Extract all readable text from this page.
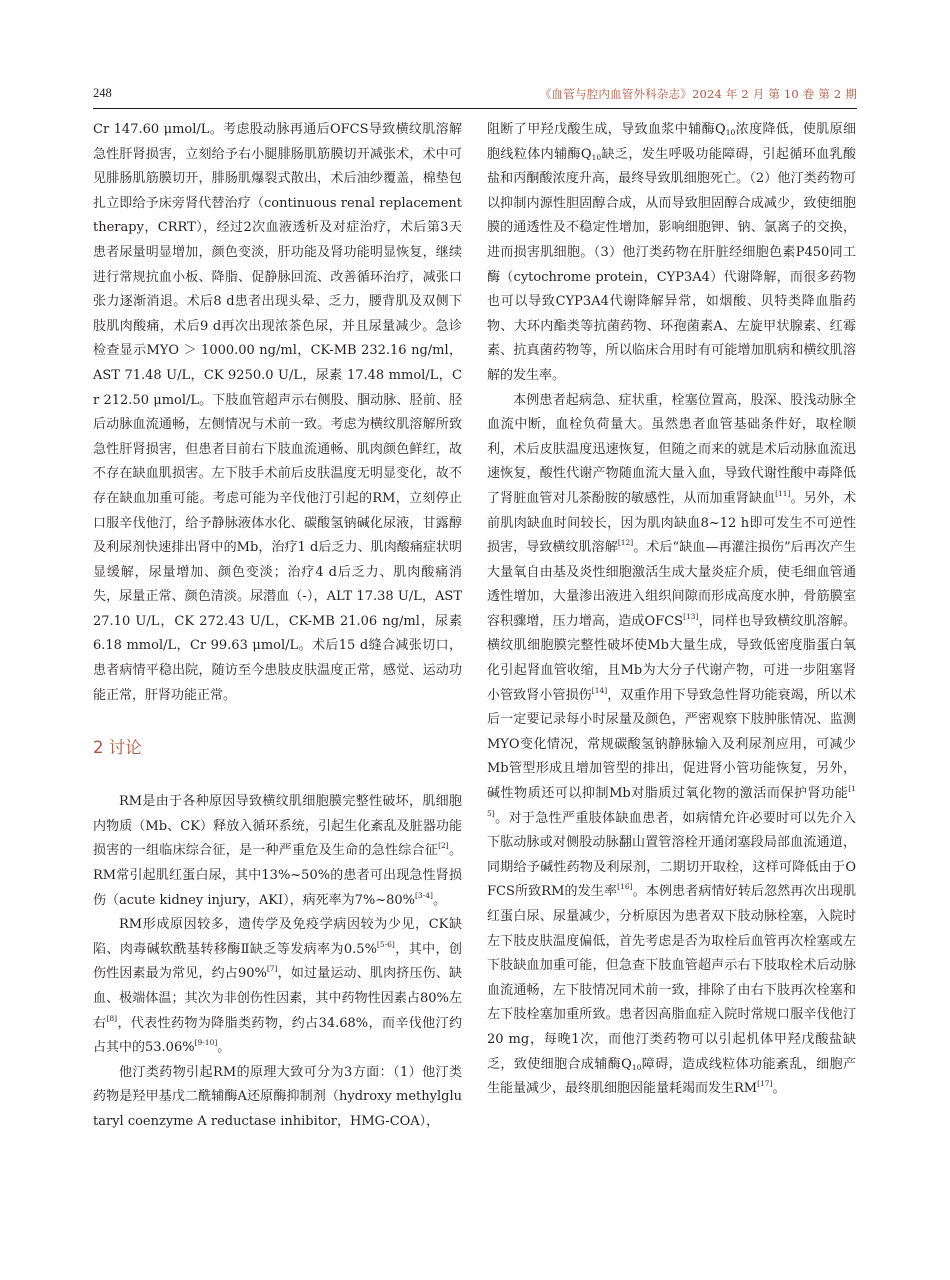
248	《血管与腔内血管外科杂志》2024 年 2 月 第 10 卷 第 2 期

Cr 147.60 μmol/L。考虑股动脉再通后OFCS导致横纹肌溶解急性肝肾损害，立刻给予右小腿腓肠肌筋膜切开减张术，术中可见腓肠肌筋膜切开，腓肠肌爆裂式散出，术后油纱覆盖，棉垫包扎立即给予床旁肾代替治疗（continuous renal replacement therapy，CRRT），经过2次血液透析及对症治疗，术后第3天患者尿量明显增加，颜色变淡，肝功能及肾功能明显恢复，继续进行常规抗血小板、降脂、促静脉回流、改善循环治疗，减张口张力逐渐消退。术后8 d患者出现头晕、乏力，腰背肌及双侧下肢肌肉酸痛，术后9 d再次出现浓茶色尿，并且尿量减少。急诊检查显示MYO ＞ 1000.00 ng/ml，CK-MB 232.16 ng/ml，AST 71.48 U/L，CK 9250.0 U/L，尿素 17.48 mmol/L，Cr 212.50 μmol/L。下肢血管超声示右侧股、腘动脉、胫前、胫后动脉血流通畅，左侧情况与术前一致。考虑为横纹肌溶解所致急性肝肾损害，但患者目前右下肢血流通畅、肌肉颜色鲜红，故不存在缺血肌损害。左下肢手术前后皮肤温度无明显变化，故不存在缺血加重可能。考虑可能为辛伐他汀引起的RM，立刻停止口服辛伐他汀，给予静脉液体水化、碳酸氢钠碱化尿液，甘露醇及利尿剂快速排出肾中的Mb，治疗1 d后乏力、肌肉酸痛症状明显缓解，尿量增加、颜色变淡；治疗4 d后乏力、肌肉酸痛消失，尿量正常、颜色清淡。尿潜血（-），ALT 17.38 U/L，AST 27.10 U/L，CK 272.43 U/L，CK-MB 21.06 ng/ml，尿素 6.18 mmol/L，Cr 99.63 μmol/L。术后15 d缝合减张切口，患者病情平稳出院，随访至今患肢皮肤温度正常，感觉、运动功能正常，肝肾功能正常。

2 讨论

RM是由于各种原因导致横纹肌细胞膜完整性破坏，肌细胞内物质（Mb、CK）释放入循环系统，引起生化紊乱及脏器功能损害的一组临床综合征，是一种严重危及生命的急性综合征[2]。RM常引起肌红蛋白尿，其中13%~50%的患者可出现急性肾损伤（acute kidney injury，AKI），病死率为7%~80%[3-4]。

RM形成原因较多，遗传学及免疫学病因较为少见，CK缺陷、肉毒碱软酰基转移酶Ⅱ缺乏等发病率为0.5%[5-6]，其中，创伤性因素最为常见，约占90%[7]，如过量运动、肌肉挤压伤、缺血、极端体温；其次为非创伤性因素，其中药物性因素占80%左右[8]，代表性药物为降脂类药物，约占34.68%，而辛伐他汀约占其中的53.06%[9-10]。

他汀类药物引起RM的原理大致可分为3方面：（1）他汀类药物是羟甲基戊二酰辅酶A还原酶抑制剂（hydroxy methylglutaryl coenzyme A reductase inhibitor，HMG-COA），

阻断了甲羟戊酸生成，导致血浆中辅酶$Q_{10}$浓度降低，使肌原细胞线粒体内辅酶$Q_{10}$缺乏，发生呼吸功能障碍，引起循环血乳酸盐和丙酮酸浓度升高，最终导致肌细胞死亡。（2）他汀类药物可以抑制内源性胆固醇合成，从而导致胆固醇合成减少，致使细胞膜的通透性及不稳定性增加，影响细胞钾、钠、氯离子的交换，进而损害肌细胞。（3）他汀类药物在肝脏经细胞色素P450同工酶（cytochrome protein，CYP3A4）代谢降解，而很多药物也可以导致CYP3A4代谢降解异常，如烟酸、贝特类降血脂药物、大环内酯类等抗菌药物、环孢菌素A、左旋甲状腺素、红霉素、抗真菌药物等，所以临床合用时有可能增加肌病和横纹肌溶解的发生率。

本例患者起病急、症状重，栓塞位置高，股深、股浅动脉全血流中断，血栓负荷量大。虽然患者血管基础条件好，取栓顺利，术后皮肤温度迅速恢复，但随之而来的就是术后动脉血流迅速恢复，酸性代谢产物随血流大量入血，导致代谢性酸中毒降低了肾脏血管对儿茶酚胺的敏感性，从而加重肾缺血[11]。另外，术前肌肉缺血时间较长，因为肌肉缺血8~12 h即可发生不可逆性损害，导致横纹肌溶解[12]。术后“缺血—再灌注损伤”后再次产生大量氧自由基及炎性细胞激活生成大量炎症介质，使毛细血管通透性增加，大量渗出液进入组织间隙而形成高度水肿，骨筋膜室容积骤增，压力增高，造成OFCS[13]，同样也导致横纹肌溶解。横纹肌细胞膜完整性破坏使Mb大量生成，导致低密度脂蛋白氧化引起肾血管收缩，且Mb为大分子代谢产物，可进一步阻塞肾小管致肾小管损伤[14]，双重作用下导致急性肾功能衰竭，所以术后一定要记录每小时尿量及颜色，严密观察下肢肿胀情况、监测MYO变化情况，常规碳酸氢钠静脉输入及利尿剂应用，可减少Mb管型形成且增加管型的排出，促进肾小管功能恢复，另外，碱性物质还可以抑制Mb对脂质过氧化物的激活而保护肾功能[15]。对于急性严重肢体缺血患者，如病情允许必要时可以先介入下肱动脉或对侧股动脉翻山置管溶栓开通闭塞段局部血流通道，同期给予碱性药物及利尿剂，二期切开取栓，这样可降低由于OFCS所致RM的发生率[16]。本例患者病情好转后忽然再次出现肌红蛋白尿、尿量减少，分析原因为患者双下肢动脉栓塞，入院时左下肢皮肤温度偏低，首先考虑是否为取栓后血管再次栓塞或左下肢缺血加重可能，但急查下肢血管超声示右下肢取栓术后动脉血流通畅，左下肢情况同术前一致，排除了由右下肢再次栓塞和左下肢栓塞加重所致。患者因高脂血症入院时常规口服辛伐他汀20 mg，每晚1次，而他汀类药物可以引起机体甲羟戊酸盐缺乏，致使细胞合成辅酶$Q_{10}$障碍，造成线粒体功能紊乱，细胞产生能量减少，最终肌细胞因能量耗竭而发生RM[17]。
